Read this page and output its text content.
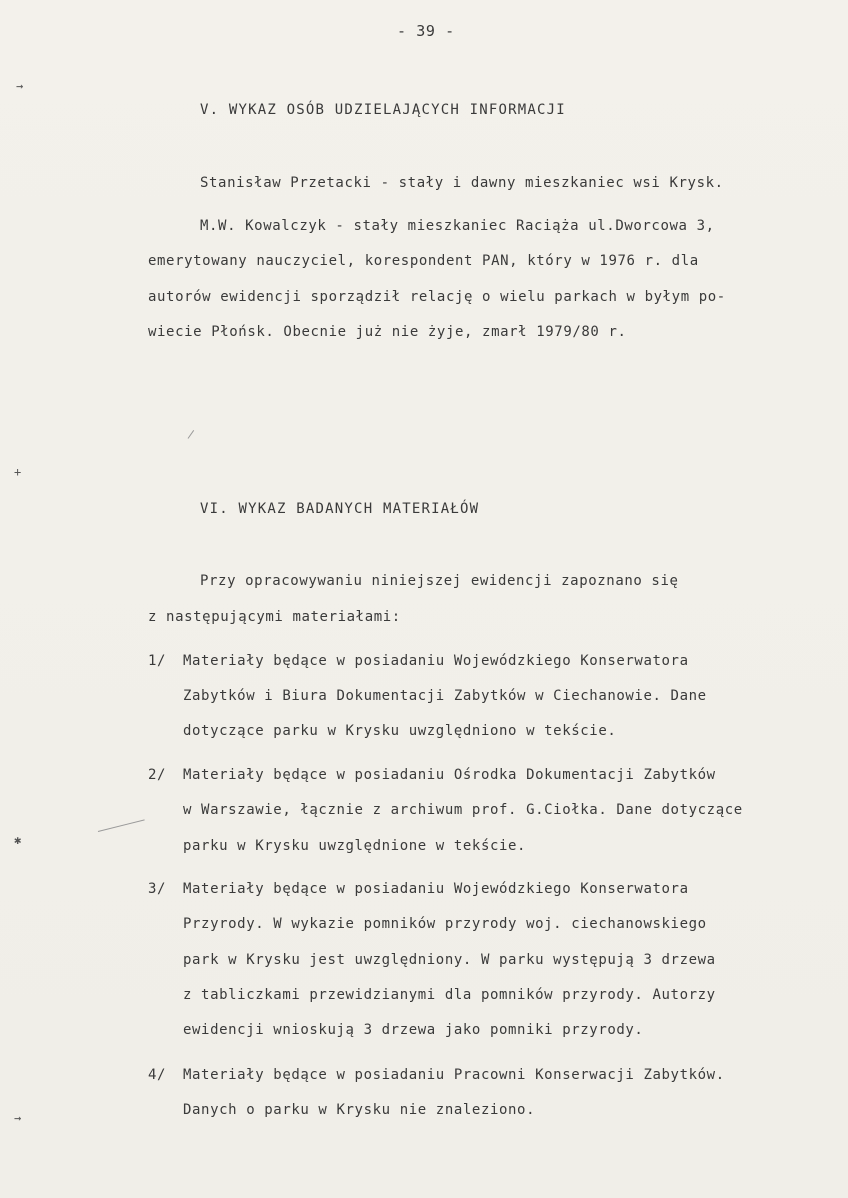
- 39 -
V. WYKAZ OSÓB UDZIELAJĄCYCH INFORMACJI
Stanisław Przetacki - stały i dawny mieszkaniec wsi Krysk.
M.W. Kowalczyk - stały mieszkaniec Raciąża ul.Dworcowa 3,
emerytowany nauczyciel, korespondent PAN, który w 1976 r. dla
autorów ewidencji sporządził relację o wielu parkach w byłym po-
wiecie Płońsk. Obecnie już nie żyje, zmarł 1979/80 r.
VI. WYKAZ BADANYCH MATERIAŁÓW
Przy opracowywaniu niniejszej ewidencji zapoznano się
z następującymi materiałami:
1/ Materiały będące w posiadaniu Wojewódzkiego Konserwatora
Zabytków i Biura Dokumentacji Zabytków w Ciechanowie. Dane
dotyczące parku w Krysku uwzględniono w tekście.
2/ Materiały będące w posiadaniu Ośrodka Dokumentacji Zabytków
w Warszawie, łącznie z archiwum prof. G.Ciołka. Dane dotyczące
parku w Krysku uwzględnione w tekście.
3/ Materiały będące w posiadaniu Wojewódzkiego Konserwatora
Przyrody. W wykazie pomników przyrody woj. ciechanowskiego
park w Krysku jest uwzględniony. W parku występują 3 drzewa
z tabliczkami przewidzianymi dla pomników przyrody. Autorzy
ewidencji wnioskują 3 drzewa jako pomniki przyrody.
4/ Materiały będące w posiadaniu Pracowni Konserwacji Zabytków.
Danych o parku w Krysku nie znaleziono.
→
+
✱
→
